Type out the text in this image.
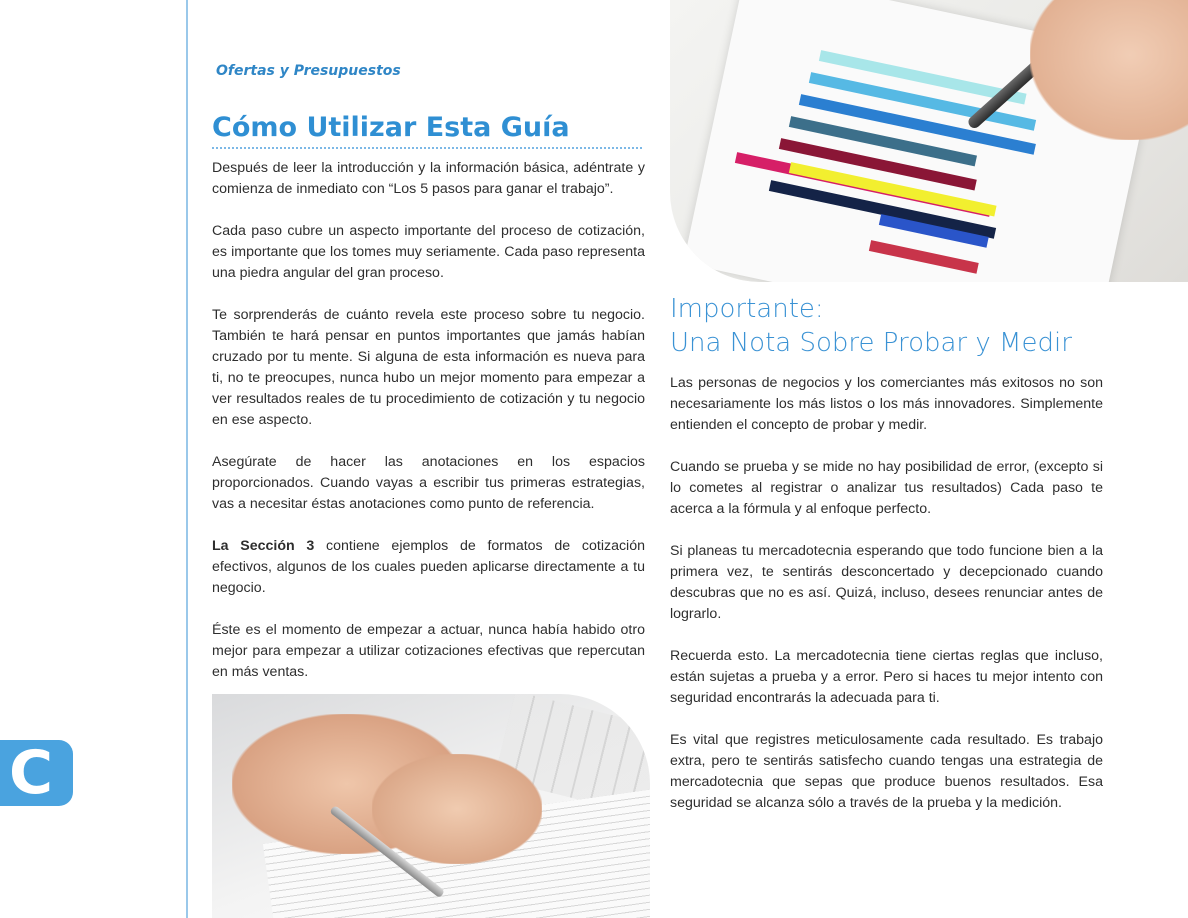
C
Ofertas y Presupuestos
Cómo Utilizar Esta Guía

Después de leer la introducción y la información básica, adéntrate y comienza de inmediato con “Los 5 pasos para ganar el trabajo”.

Cada paso cubre un aspecto importante del proceso de cotización, es importante que los tomes muy seriamente. Cada paso representa una piedra angular del gran proceso.

Te sorprenderás de cuánto revela este proceso sobre tu negocio. También te hará pensar en puntos importantes que jamás habían cruzado por tu mente. Si alguna de esta información es nueva para ti, no te preocupes, nunca hubo un mejor momento para empezar a ver resultados reales de tu procedimiento de cotización y tu negocio en ese aspecto.

Asegúrate de hacer las anotaciones en los espacios proporcionados. Cuando vayas a escribir tus primeras estrategias, vas a necesitar éstas anotaciones como punto de referencia.

La Sección 3 contiene ejemplos de formatos de cotización efectivos, algunos de los cuales pueden aplicarse directamente a tu negocio.

Éste es el momento de empezar a actuar, nunca había habido otro mejor para empezar a utilizar cotizaciones efectivas que repercutan en más ventas.

Importante:
Una Nota Sobre Probar y Medir

Las personas de negocios y los comerciantes más exitosos no son necesariamente los más listos o los más innovadores. Simplemente entienden el concepto de probar y medir.

Cuando se prueba y se mide no hay posibilidad de error, (excepto si lo cometes al registrar o analizar tus resultados) Cada paso te acerca a la fórmula y al enfoque perfecto.

Si planeas tu mercadotecnia esperando que todo funcione bien a la primera vez, te sentirás desconcertado y decepcionado cuando descubras que no es así. Quizá, incluso, desees renunciar antes de lograrlo.

Recuerda esto. La mercadotecnia tiene ciertas reglas que incluso, están sujetas a prueba y a error. Pero si haces tu mejor intento con seguridad encontrarás la adecuada para ti.

Es vital que registres meticulosamente cada resultado. Es trabajo extra, pero te sentirás satisfecho cuando tengas una estrategia de mercadotecnia que sepas que produce buenos resultados. Esa seguridad se alcanza sólo a través de la prueba y la medición.
